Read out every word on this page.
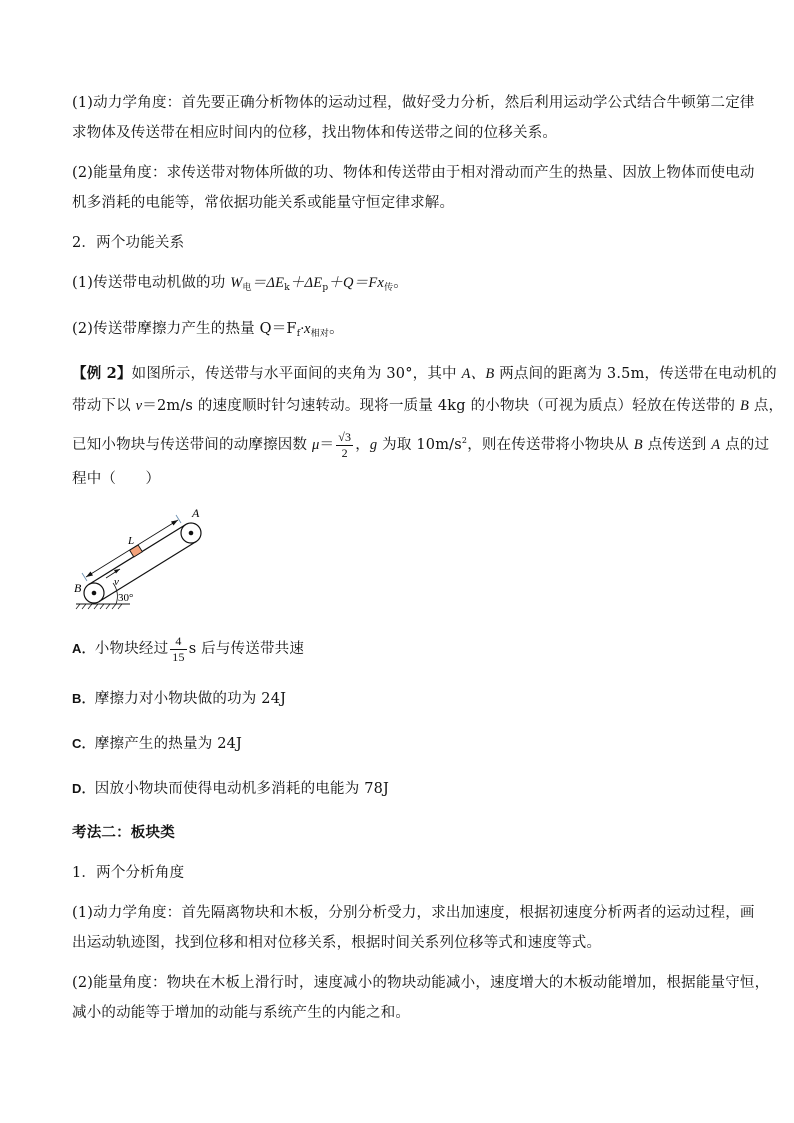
(1)动力学角度：首先要正确分析物体的运动过程，做好受力分析，然后利用运动学公式结合牛顿第二定律
求物体及传送带在相应时间内的位移，找出物体和传送带之间的位移关系。
(2)能量角度：求传送带对物体所做的功、物体和传送带由于相对滑动而产生的热量、因放上物体而使电动
机多消耗的电能等，常依据功能关系或能量守恒定律求解。
2．两个功能关系
(1)传送带电动机做的功 $W_电=\Delta E_k+\Delta E_p+Q=Fx_传$。
(2)传送带摩擦力产生的热量 $Q=F_f\cdot x_{相对}$。
【例 2】如图所示，传送带与水平面间的夹角为 30°，其中 A、B 两点间的距离为 3.5m，传送带在电动机的
带动下以 v＝2m/s 的速度顺时针匀速转动。现将一质量 4kg 的小物块（可视为质点）轻放在传送带的 B 点，
已知小物块与传送带间的动摩擦因数 $\mu= \frac{√3}{2}$ ，g 为取 $10m/s^2$，则在传送带将小物块从 B 点传送到 A 点的过
程中（　　）
A
B
L
v
30°
A．小物块经过 $\frac{4}{15}$ s 后与传送带共速
B．摩擦力对小物块做的功为 24J
C．摩擦产生的热量为 24J
D．因放小物块而使得电动机多消耗的电能为 78J
考法二：板块类
1．两个分析角度
(1)动力学角度：首先隔离物块和木板，分别分析受力，求出加速度，根据初速度分析两者的运动过程，画
出运动轨迹图，找到位移和相对位移关系，根据时间关系列位移等式和速度等式。
(2)能量角度：物块在木板上滑行时，速度减小的物块动能减小，速度增大的木板动能增加，根据能量守恒，
减小的动能等于增加的动能与系统产生的内能之和。
